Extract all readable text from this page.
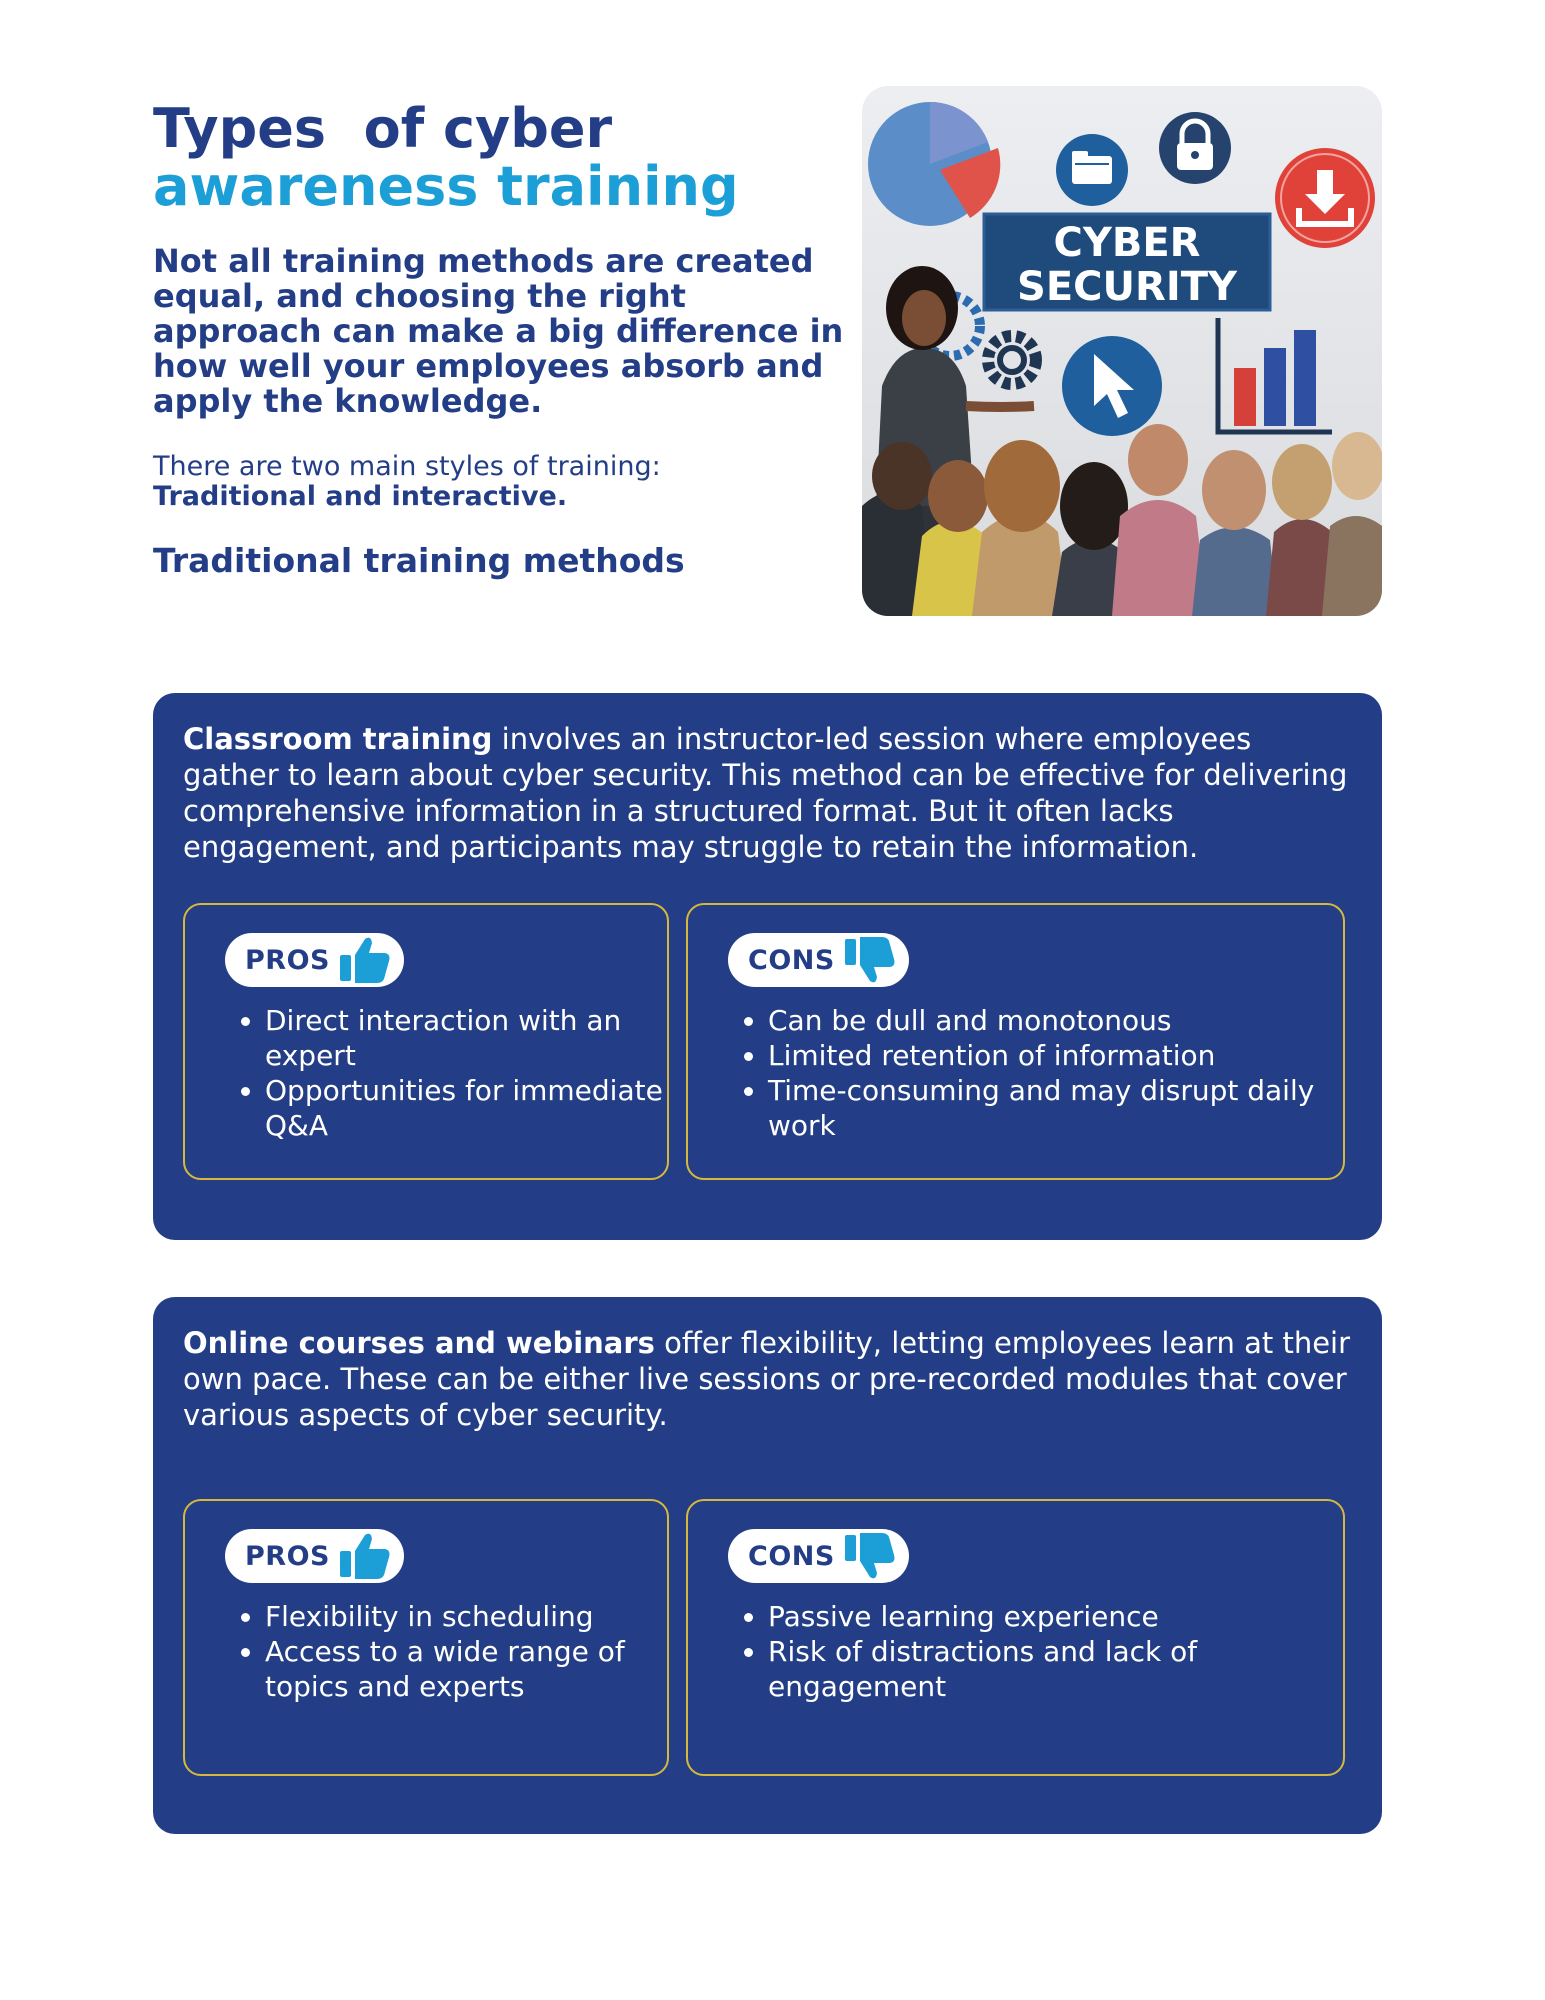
Types  of cyber
awareness training

Not all training methods are created equal, and choosing the right approach can make a big difference in how well your employees absorb and apply the knowledge.

There are two main styles of training:
Traditional and interactive.

Traditional training methods
CYBER
SECURITY

Classroom training involves an instructor-led session where employees gather to learn about cyber security. This method can be effective for delivering comprehensive information in a structured format. But it often lacks engagement, and participants may struggle to retain the information.

PROS
• Direct interaction with an expert
• Opportunities for immediate Q&A
CONS
• Can be dull and monotonous
• Limited retention of information
• Time-consuming and may disrupt daily work

Online courses and webinars offer flexibility, letting employees learn at their own pace. These can be either live sessions or pre-recorded modules that cover various aspects of cyber security.

PROS
• Flexibility in scheduling
• Access to a wide range of topics and experts
CONS
• Passive learning experience
• Risk of distractions and lack of engagement
